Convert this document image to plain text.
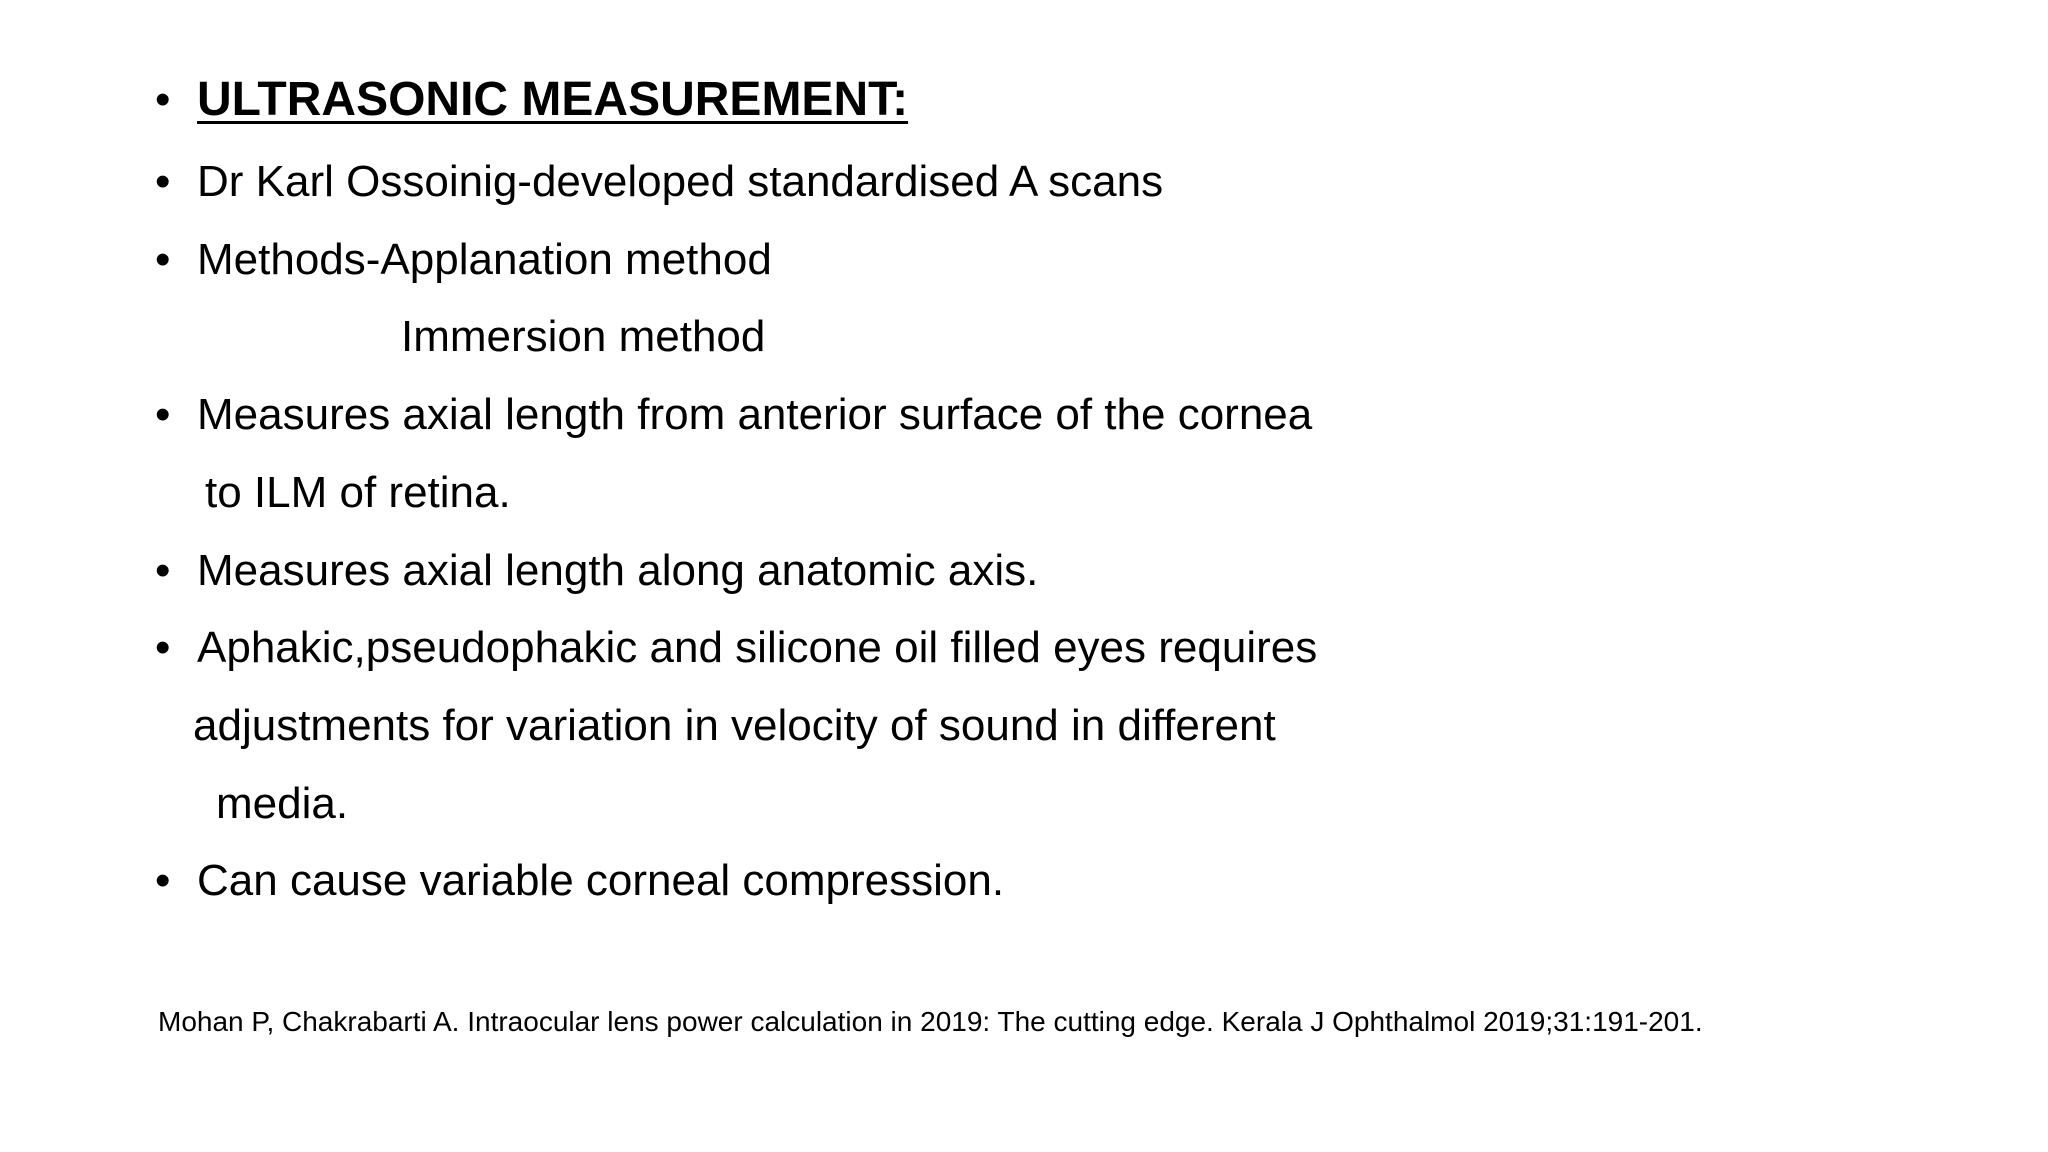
• ULTRASONIC MEASUREMENT:
• Dr Karl Ossoinig-developed standardised A scans
• Methods-Applanation method
Immersion method
• Measures axial length from anterior surface of the cornea
to ILM of retina.
• Measures axial length along anatomic axis.
• Aphakic,pseudophakic and silicone oil filled eyes requires
adjustments for variation in velocity of sound in different
media.
• Can cause variable corneal compression.
Mohan P, Chakrabarti A. Intraocular lens power calculation in 2019: The cutting edge. Kerala J Ophthalmol 2019;31:191-201.
